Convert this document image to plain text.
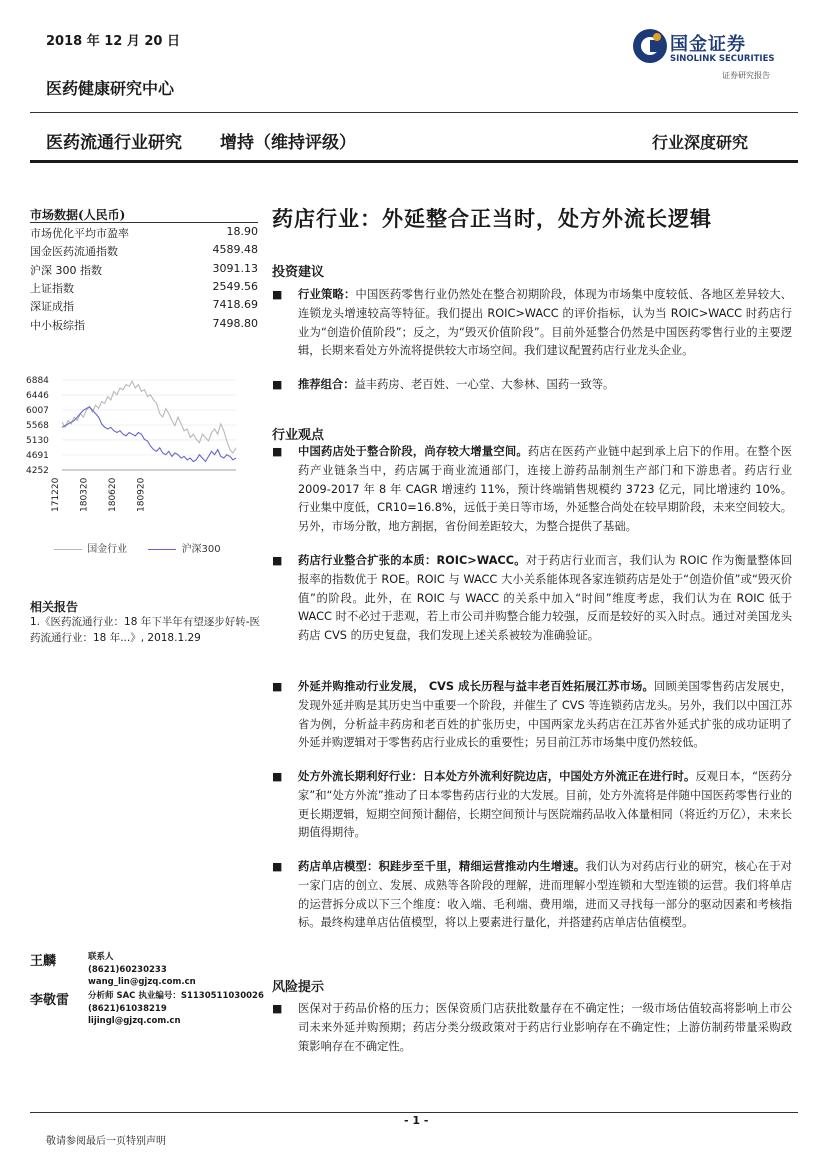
2018 年 12 月 20 日	国金证券
SINOLINK SECURITIES
证券研究报告
医药健康研究中心
医药流通行业研究 增持（维持评级）	行业深度研究
市场数据(人民币)
市场优化平均市盈率	18.90
国金医药流通指数	4589.48
沪深 300 指数	3091.13
上证指数	2549.56
深证成指	7418.69
中小板综指	7498.80
4252
4691
5130
5568
6007
6446
6884
171220 180320 180620 180920
国金行业	沪深300
相关报告
1.《医药流通行业：18 年下半年有望逐步好转-医药流通行业：18 年...》, 2018.1.29
王麟	联系人
(8621)60230233
wang_lin@gjzq.com.cn
李敬雷 分析师 SAC 执业编号：S1130511030026
(8621)61038219
lijingl@gjzq.com.cn
药店行业：外延整合正当时，处方外流长逻辑
投资建议
■ 行业策略：中国医药零售行业仍然处在整合初期阶段，体现为市场集中度较低、各地区差异较大、连锁龙头增速较高等特征。我们提出 ROIC>WACC 的评价指标，认为当 ROIC>WACC 时药店行业为“创造价值阶段”；反之，为“毁灭价值阶段”。目前外延整合仍然是中国医药零售行业的主要逻辑，长期来看处方外流将提供较大市场空间。我们建议配置药店行业龙头企业。
■ 推荐组合：益丰药房、老百姓、一心堂、大参林、国药一致等。
行业观点
■ 中国药店处于整合阶段，尚存较大增量空间。药店在医药产业链中起到承上启下的作用。在整个医药产业链条当中，药店属于商业流通部门，连接上游药品制剂生产部门和下游患者。药店行业 2009-2017 年 8 年 CAGR 增速约 11%，预计终端销售规模约 3723 亿元，同比增速约 10%。行业集中度低，CR10=16.8%，远低于美日等市场，外延整合尚处在较早期阶段，未来空间较大。另外，市场分散，地方割据，省份间差距较大，为整合提供了基础。
■ 药店行业整合扩张的本质：ROIC>WACC。对于药店行业而言，我们认为 ROIC 作为衡量整体回报率的指数优于 ROE。ROIC 与 WACC 大小关系能体现各家连锁药店是处于“创造价值”或“毁灭价值”的阶段。此外，在 ROIC 与 WACC 的关系中加入“时间”维度考虑，我们认为在 ROIC 低于 WACC 时不必过于悲观，若上市公司并购整合能力较强，反而是较好的买入时点。通过对美国龙头药店 CVS 的历史复盘，我们发现上述关系被较为准确验证。
■ 外延并购推动行业发展， CVS 成长历程与益丰老百姓拓展江苏市场。回顾美国零售药店发展史，发现外延并购是其历史当中重要一个阶段，并催生了 CVS 等连锁药店龙头。另外，我们以中国江苏省为例，分析益丰药房和老百姓的扩张历史，中国两家龙头药店在江苏省外延式扩张的成功证明了外延并购逻辑对于零售药店行业成长的重要性；另目前江苏市场集中度仍然较低。
■ 处方外流长期利好行业：日本处方外流利好院边店，中国处方外流正在进行时。反观日本，“医药分家”和“处方外流”推动了日本零售药店行业的大发展。目前，处方外流将是伴随中国医药零售行业的更长期逻辑，短期空间预计翻倍，长期空间预计与医院端药品收入体量相同（将近约万亿），未来长期值得期待。
■ 药店单店模型：积跬步至千里，精细运营推动内生增速。我们认为对药店行业的研究，核心在于对一家门店的创立、发展、成熟等各阶段的理解，进而理解小型连锁和大型连锁的运营。我们将单店的运营拆分成以下三个维度：收入端、毛利端、费用端，进而又寻找每一部分的驱动因素和考核指标。最终构建单店估值模型，将以上要素进行量化，并搭建药店单店估值模型。
风险提示
■ 医保对于药品价格的压力；医保资质门店获批数量存在不确定性；一级市场估值较高将影响上市公司未来外延并购预期；药店分类分级政策对于药店行业影响存在不确定性；上游仿制药带量采购政策影响存在不确定性。
- 1 -
敬请参阅最后一页特别声明
